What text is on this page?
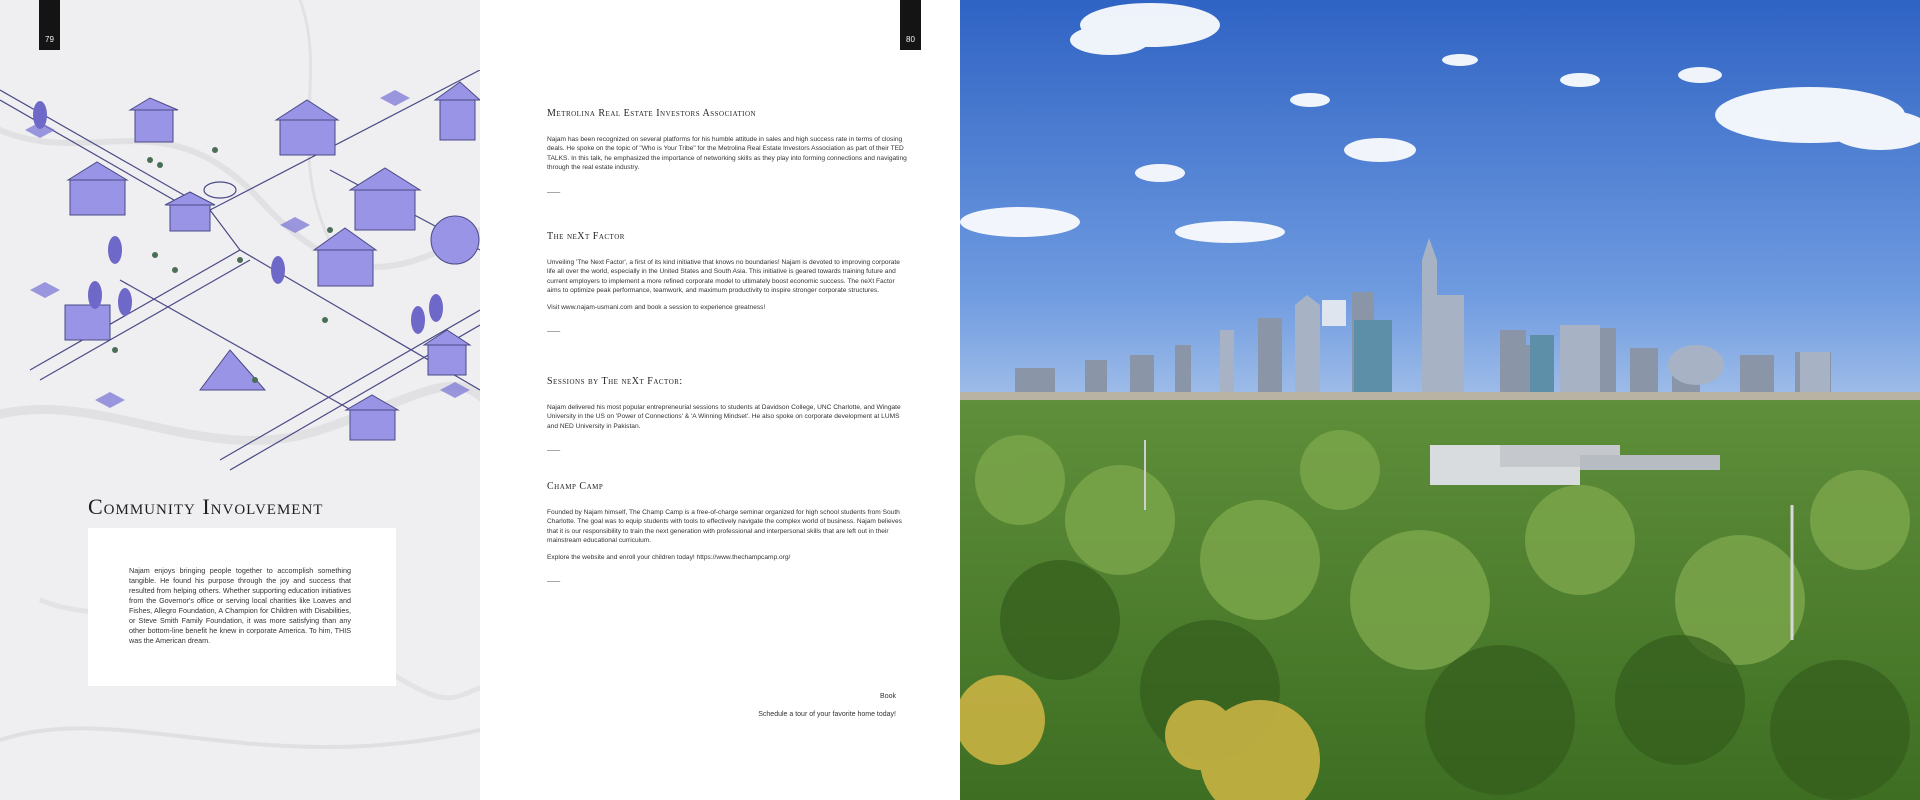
79
Community Involvement

Najam enjoys bringing people together to accomplish something tangible. He found his purpose through the joy and success that resulted from helping others. Whether supporting education initiatives from the Governor's office or serving local charities like Loaves and Fishes, Allegro Foundation, A Champion for Children with Disabilities, or Steve Smith Family Foundation, it was more satisfying than any other bottom-line benefit he knew in corporate America. To him, THIS was the American dream.

80
Metrolina Real Estate Investors Association

Najam has been recognized on several platforms for his humble attitude in sales and high success rate in terms of closing deals. He spoke on the topic of "Who is Your Tribe" for the Metrolina Real Estate Investors Association as part of their TED TALKS. In this talk, he emphasized the importance of networking skills as they play into forming connections and navigating through the real estate industry.

——
The neXt Factor

Unveiling 'The Next Factor', a first of its kind initiative that knows no boundaries! Najam is devoted to improving corporate life all over the world, especially in the United States and South Asia. This initiative is geared towards training future and current employers to implement a more refined corporate model to ultimately boost economic success. The neXt Factor aims to optimize peak performance, teamwork, and maximum productivity to inspire stronger corporate structures.

Visit www.najam-usmani.com and book a session to experience greatness!

——
Sessions by The neXt Factor:

Najam delivered his most popular entrepreneurial sessions to students at Davidson College, UNC Charlotte, and Wingate University in the US on 'Power of Connections' & 'A Winning Mindset'. He also spoke on corporate development at LUMS and NED University in Pakistan.

——
Champ Camp

Founded by Najam himself, The Champ Camp is a free-of-charge seminar organized for high school students from South Charlotte. The goal was to equip students with tools to effectively navigate the complex world of business. Najam believes that it is our responsibility to train the next generation with professional and interpersonal skills that are left out in their mainstream educational curriculum.

Explore the website and enroll your children today! https://www.thechampcamp.org/

——
Book
Schedule a tour of your favorite home today!
